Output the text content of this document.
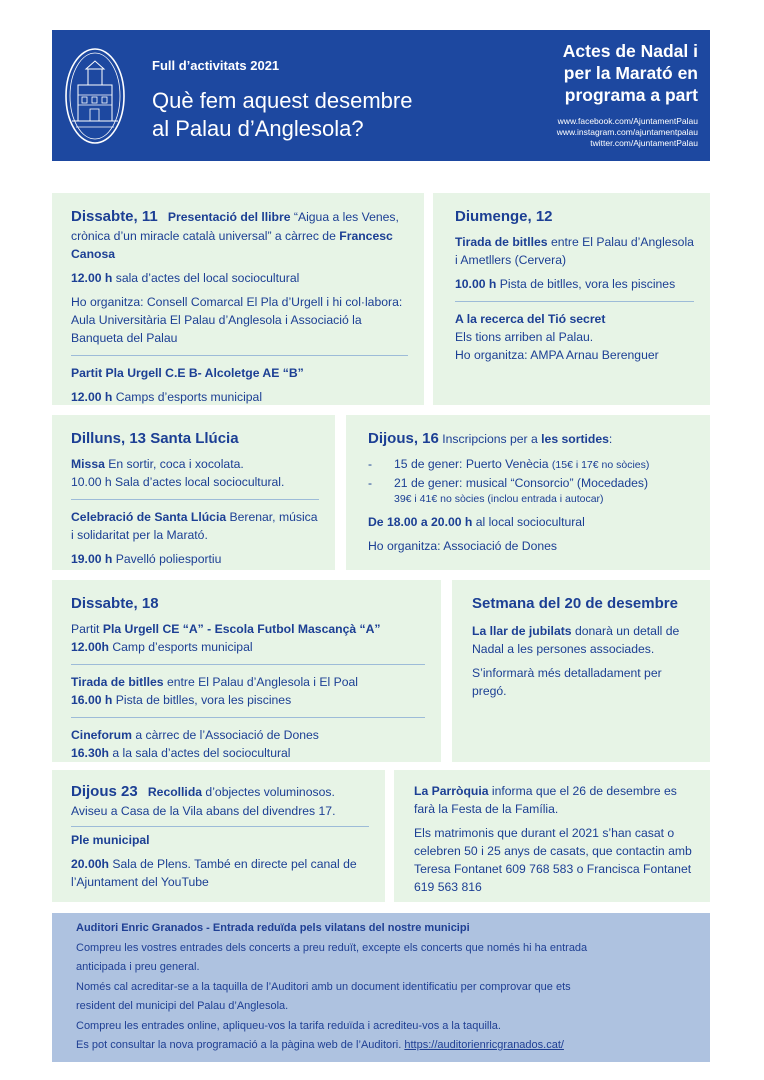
Full d’activitats 2021
Què fem aquest desembre
al Palau d’Anglesola?
Actes de Nadal i
per la Marató en
programa a part
www.facebook.com/AjuntamentPalau
www.instagram.com/ajuntamentpalau
twitter.com/AjuntamentPalau

Dissabte, 11 Presentació del llibre “Aigua a les Venes, crònica d’un miracle català universal” a càrrec de Francesc Canosa

12.00 h sala d’actes del local sociocultural

Ho organitza: Consell Comarcal El Pla d’Urgell i hi col·labora: Aula Universitària El Palau d’Anglesola i Associació la Banqueta del Palau

Partit Pla Urgell C.E B- Alcoletge AE “B”

12.00 h Camps d’esports municipal

Diumenge, 12

Tirada de bitlles entre El Palau d’Anglesola i Ametllers (Cervera)

10.00 h Pista de bitlles, vora les piscines

A la recerca del Tió secret

Els tions arriben al Palau.

Ho organitza: AMPA Arnau Berenguer

Dilluns, 13 Santa Llúcia

Missa En sortir, coca i xocolata.

10.00 h Sala d’actes local sociocultural.

Celebració de Santa Llúcia Berenar, música i solidaritat per la Marató.

19.00 h Pavelló poliesportiu

Dijous, 16 Inscripcions per a les sortides:

-	15 de gener: Puerto Venècia (15€ i 17€ no sòcies)
-	21 de gener: musical “Consorcio” (Mocedades)
39€ i 41€ no sòcies (inclou entrada i autocar)

De 18.00 a 20.00 h al local sociocultural

Ho organitza: Associació de Dones

Dissabte, 18

Partit Pla Urgell CE “A” - Escola Futbol Mascançà “A”

12.00h Camp d’esports municipal

Tirada de bitlles entre El Palau d’Anglesola i El Poal

16.00 h Pista de bitlles, vora les piscines

Cineforum a càrrec de l’Associació de Dones

16.30h a la sala d’actes del sociocultural

Setmana del 20 de desembre

La llar de jubilats donarà un detall de Nadal a les persones associades.

S’informarà més detalladament per pregó.

Dijous 23 Recollida d’objectes voluminosos. Aviseu a Casa de la Vila abans del divendres 17.

Ple municipal

20.00h Sala de Plens. També en directe pel canal de l’Ajuntament del YouTube

La Parròquia informa que el 26 de desembre es farà la Festa de la Família.

Els matrimonis que durant el 2021 s’han casat o celebren 50 i 25 anys de casats, que contactin amb Teresa Fontanet 609 768 583 o Francisca Fontanet 619 563 816

Auditori Enric Granados - Entrada reduïda pels vilatans del nostre municipi
Compreu les vostres entrades dels concerts a preu reduït, excepte els concerts que només hi ha entrada
anticipada i preu general.
Només cal acreditar-se a la taquilla de l’Auditori amb un document identificatiu per comprovar que ets
resident del municipi del Palau d’Anglesola.
Compreu les entrades online, apliqueu-vos la tarifa reduïda i acrediteu-vos a la taquilla.
Es pot consultar la nova programació a la pàgina web de l’Auditori. https://auditorienricgranados.cat/
